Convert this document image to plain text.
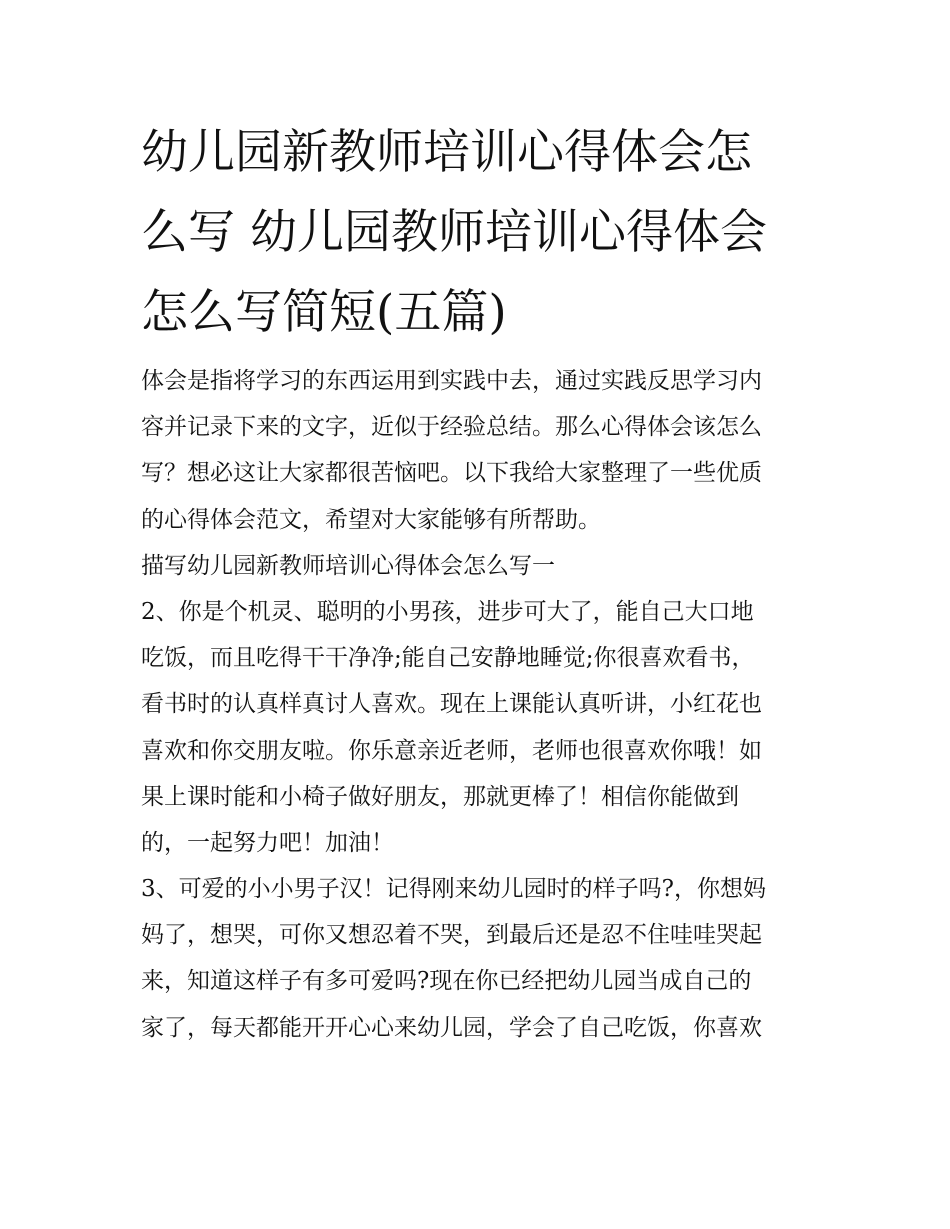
幼儿园新教师培训心得体会怎
么写 幼儿园教师培训心得体会
怎么写简短(五篇)
体会是指将学习的东西运用到实践中去，通过实践反思学习内
容并记录下来的文字，近似于经验总结。那么心得体会该怎么
写？想必这让大家都很苦恼吧。以下我给大家整理了一些优质
的心得体会范文，希望对大家能够有所帮助。
描写幼儿园新教师培训心得体会怎么写一
2、你是个机灵、聪明的小男孩，进步可大了，能自己大口地
吃饭，而且吃得干干净净;能自己安静地睡觉;你很喜欢看书，
看书时的认真样真讨人喜欢。现在上课能认真听讲，小红花也
喜欢和你交朋友啦。你乐意亲近老师，老师也很喜欢你哦！如
果上课时能和小椅子做好朋友，那就更棒了！相信你能做到
的，一起努力吧！加油！
3、可爱的小小男子汉！记得刚来幼儿园时的样子吗?，你想妈
妈了，想哭，可你又想忍着不哭，到最后还是忍不住哇哇哭起
来，知道这样子有多可爱吗?现在你已经把幼儿园当成自己的
家了，每天都能开开心心来幼儿园，学会了自己吃饭，你喜欢
